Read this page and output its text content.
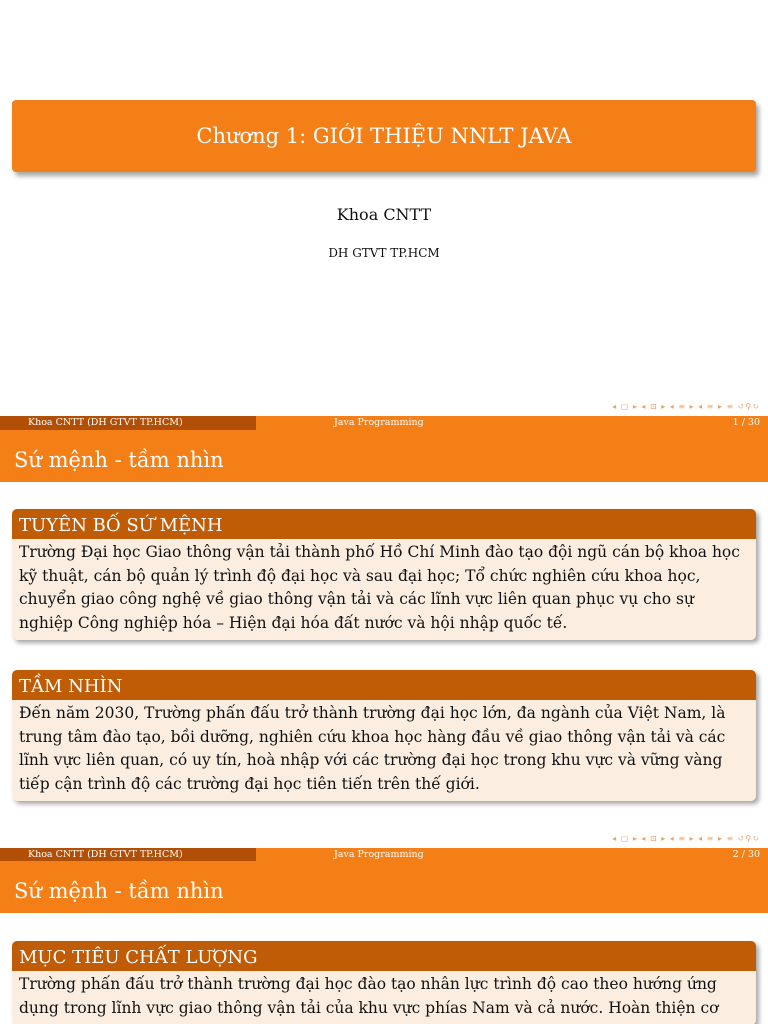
Chương 1: GIỚI THIỆU NNLT JAVA
Khoa CNTT
DH GTVT TP.HCM
◂ ▢ ▸ ◂ ⊡ ▸ ◂ ≡ ▸ ◂ ≡ ▸ ≡ ↺⚲↻
Khoa CNTT (DH GTVT TP.HCM)	Java Programming	1 / 30
Sứ mệnh - tầm nhìn
TUYÊN BỐ SỨ MỆNH
Trường Đại học Giao thông vận tải thành phố Hồ Chí Minh đào tạo đội ngũ cán bộ khoa học kỹ thuật, cán bộ quản lý trình độ đại học và sau đại học; Tổ chức nghiên cứu khoa học, chuyển giao công nghệ về giao thông vận tải và các lĩnh vực liên quan phục vụ cho sự nghiệp Công nghiệp hóa – Hiện đại hóa đất nước và hội nhập quốc tế.
TẦM NHÌN
Đến năm 2030, Trường phấn đấu trở thành trường đại học lớn, đa ngành của Việt Nam, là trung tâm đào tạo, bồi dưỡng, nghiên cứu khoa học hàng đầu về giao thông vận tải và các lĩnh vực liên quan, có uy tín, hoà nhập với các trường đại học trong khu vực và vững vàng tiếp cận trình độ các trường đại học tiên tiến trên thế giới.
◂ ▢ ▸ ◂ ⊡ ▸ ◂ ≡ ▸ ◂ ≡ ▸ ≡ ↺⚲↻
Khoa CNTT (DH GTVT TP.HCM)	Java Programming	2 / 30
Sứ mệnh - tầm nhìn
MỤC TIÊU CHẤT LƯỢNG
Trường phấn đấu trở thành trường đại học đào tạo nhân lực trình độ cao theo hướng ứng dụng trong lĩnh vực giao thông vận tải của khu vực phías Nam và cả nước. Hoàn thiện cơ
